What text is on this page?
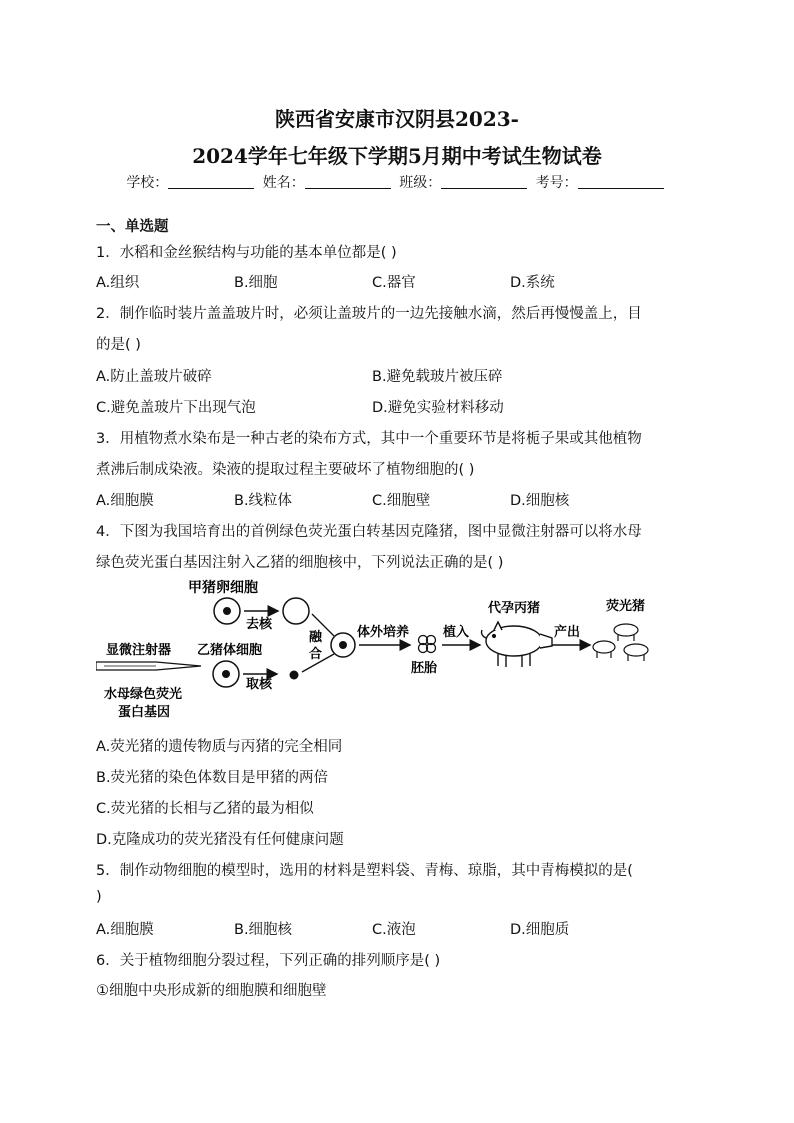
陕西省安康市汉阴县2023-
2024学年七年级下学期5月期中考试生物试卷
学校：	姓名：	班级：	考号：
一、单选题
1．水稻和金丝猴结构与功能的基本单位都是( )
A.组织	B.细胞	C.器官	D.系统
2．制作临时装片盖盖玻片时，必须让盖玻片的一边先接触水滴，然后再慢慢盖上，目
的是( )
A.防止盖玻片破碎	B.避免载玻片被压碎
C.避免盖玻片下出现气泡	D.避免实验材料移动
3．用植物煮水染布是一种古老的染布方式，其中一个重要环节是将栀子果或其他植物
煮沸后制成染液。染液的提取过程主要破坏了植物细胞的( )
A.细胞膜	B.线粒体	C.细胞壁	D.细胞核
4．下图为我国培育出的首例绿色荧光蛋白转基因克隆猪，图中显微注射器可以将水母
绿色荧光蛋白基因注射入乙猪的细胞核中，下列说法正确的是( )
甲猪卵细胞
去核
显微注射器 乙猪体细胞
取核
水母绿色荧光
蛋白基因
融
合
体外培养
胚胎
植入
代孕丙猪
产出
荧光猪
A.荧光猪的遗传物质与丙猪的完全相同
B.荧光猪的染色体数目是甲猪的两倍
C.荧光猪的长相与乙猪的最为相似
D.克隆成功的荧光猪没有任何健康问题
5．制作动物细胞的模型时，选用的材料是塑料袋、青梅、琼脂，其中青梅模拟的是(
)
A.细胞膜	B.细胞核	C.液泡	D.细胞质
6．关于植物细胞分裂过程，下列正确的排列顺序是( )
①细胞中央形成新的细胞膜和细胞壁
